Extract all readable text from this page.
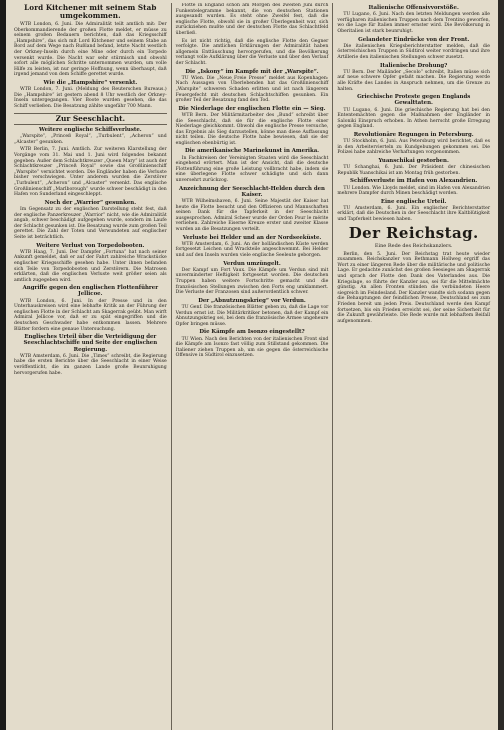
Lord Kitchener mit seinem Stab umgekommen.

WTB London, 6. Juni. Die Admiralität teilt amtlich mit: Der Oberkommandierende der großen Flotte meldet, er müsse zu seinem großen Bedauern berichten, daß das Kriegsschiff „Hampshire“, das sich mit Lord Kitchener und seinem Stabe an Bord auf dem Wege nach Rußland befand, letzte Nacht westlich der Orkney-Inseln durch eine Mine oder durch ein Torpedo versenkt wurde. Die Nacht war sehr stürmisch und obwohl sofort alle möglichen Schritte unternommen wurden, um volle Hilfe zu leisten, ist nur geringe Hoffnung, wenn überhaupt, daß irgend jemand von dem Schiffe gerettet wurde.

Wie die „Hampshire“ versenkt.

WTB London, 7. Juni. (Meldung des Reuterschen Bureaus.) Die „Hampshire“ ist gestern abend 8 Uhr westlich der Orkney-Inseln untergegangen. Vier Boote wurden gesehen, die das Schiff verließen. Die Besatzung zählte ungefähr 700 Mann.

Zur Seeschlacht.
Weitere englische Schiffsverluste.

„Warspite“, „Princeß Royal“, „Turbulent“, „Acheron“ und „Alcaster“ gesunken.

WTB Berlin, 7. Juni. Amtlich. Zur weiteren Klarstellung der Vorgänge vom 31. Mai und 1. Juni wird folgendes bekannt gegeben: Außer dem Schlachtkreuzer „Queen Mary“ ist auch der Schlachtkreuzer „Princeß Royal“ sowie das Großlinienschiff „Warspite“ vernichtet worden. Die Engländer haben die Verluste bisher verschwiegen. Unter anderem wurden die Zerstörer „Turbulent“, „Acheron“ und „Alcaster“ versenkt. Das englische Großlinienschiff „Marlborough“ wurde schwer beschädigt in den Hafen von Sunderland eingeschleppt.

Noch der „Warrior“ gesunken.

Im Gegensatz zu der englischen Darstellung steht fest, daß der englische Panzerkreuzer „Warrior“ nicht, wie die Admiralität angab, schwer beschädigt aufgegeben wurde, sondern im Laufe der Schlacht gesunken ist. Die Besatzung wurde zum großen Teil gerettet. Die Zahl der Toten und Verwundeten auf englischer Seite ist beträchtlich.

Weitere Verlust von Torpedobooten.

WTB Haag, 7. Juni. Der Dampfer „Fortuna“ hat nach seiner Ankunft gemeldet, daß er auf der Fahrt zahlreiche Wrackstücke englischer Kriegsschiffe gesehen habe. Unter ihnen befanden sich Teile von Torpedobooten und Zerstörern. Die Matrosen erklärten, daß die englischen Verluste weit größer seien als amtlich zugegeben wird.

Angriffe gegen den englischen Flottenführer Jellicoe.

WTB London, 6. Juni. In der Presse und in den Unterhauskreisen wird eine lebhafte Kritik an der Führung der englischen Flotte in der Schlacht am Skagerrak geübt. Man wirft Admiral Jellicoe vor, daß er zu spät eingegriffen und die deutschen Geschwader habe entkommen lassen. Mehrere Blätter fordern eine genaue Untersuchung.

Englisches Urteil über die Verteidigung der Seeschlachtschiffe und Seite der englischen Regierung.

WTB Amsterdam, 6. Juni. Die „Times“ schreibt, die Regierung habe die ersten Berichte über die Seeschlacht in einer Weise veröffentlicht, die im ganzen Lande große Beunruhigung hervorgerufen habe.

Flotte in England schon am Morgen des zweiten Juni durch Funkentelegramme bekannt, die von deutschen Stationen ausgesandt wurden. Es steht ohne Zweifel fest, daß die englische Flotte, obwohl sie in großer Überlegenheit war, sich zurückziehen mußte und der deutschen Flotte das Schlachtfeld überließ.

Es ist nicht richtig, daß die englische Flotte den Gegner verfolgte. Die amtlichen Erklärungen der Admiralität haben allgemein Enttäuschung hervorgerufen, und die Bevölkerung verlangt volle Aufklärung über die Verluste und über den Verlauf der Schlacht.

Die „Iskony“ im Kampfe mit der „Warspite“.

TU Wien. Die „Neue Freie Presse“ meldet aus Kopenhagen: Nach Aussagen von Überlebenden hat das Großlinienschiff „Warspite“ schweren Schaden erlitten und ist nach längerem Feuergefecht mit deutschen Schlachtschiffen gesunken. Ein großer Teil der Besatzung fand den Tod.

Die Niederlage der englischen Flotte ein — Sieg.

WTB Bern. Der Militärmitarbeiter des „Bund“ schreibt über die Seeschlacht, daß sie für die englische Flotte einer Niederlage gleichkommt. Obwohl die englische Presse versuche, das Ergebnis als Sieg darzustellen, könne man diese Auffassung nicht teilen. Die deutsche Flotte habe bewiesen, daß sie der englischen ebenbürtig ist.

Die amerikanische Marinekunst in Amerika.

In Fachkreisen der Vereinigten Staaten wird die Seeschlacht eingehend erörtert. Man ist der Ansicht, daß die deutsche Flottenführung eine große Leistung vollbracht habe, indem sie eine überlegene Flotte schwer schädigte und sich dann unversehrt zurückzog.

Anzeichnung der Seeschlacht-Helden durch den Kaiser.

WTB Wilhelmshaven, 6. Juni. Seine Majestät der Kaiser hat heute die Flotte besucht und den Offizieren und Mannschaften seinen Dank für die Tapferkeit in der Seeschlacht ausgesprochen. Admiral Scheer wurde der Orden Pour le mérite verliehen. Zahlreiche Eiserne Kreuze erster und zweiter Klasse wurden an die Besatzungen verteilt.

Verluste bei Helder und an der Nordseeküste.

WTB Amsterdam, 6. Juni. An der holländischen Küste werden fortgesetzt Leichen und Wrackteile angeschwemmt. Bei Helder und auf den Inseln wurden viele englische Seeleute geborgen.

Verdun umzüngelt.

Der Kampf um Fort Vaux. Die Kämpfe um Verdun sind mit unverminderter Heftigkeit fortgesetzt worden. Die deutschen Truppen haben weitere Fortschritte gemacht und die französischen Stellungen zwischen den Forts eng umklammert. Die Verluste der Franzosen sind außerordentlich schwer.

Der „Abnutzungskrieg“ vor Verdun.

TU Genf. Die französischen Blätter geben zu, daß die Lage vor Verdun ernst ist. Die Militärkritiker betonen, daß der Kampf ein Abnutzungskrieg sei, bei dem die französische Armee ungeheure Opfer bringen müsse.

Die Kämpfe am Isonzo eingestellt?

TU Wien. Nach den Berichten von der italienischen Front sind die Kämpfe am Isonzo fast völlig zum Stillstand gekommen. Die Italiener ziehen Truppen ab, um sie gegen die österreichische Offensive in Südtirol einzusetzen.

Italienische Offensivvorstöße.

TU Lugano, 6. Juni. Nach den letzten Meldungen werden alle verfügbaren italienischen Truppen nach dem Trentino geworfen, wo die Lage für Italien immer ernster wird. Die Bevölkerung in Oberitalien ist stark beunruhigt.

Gelandeter Eindrücke von der Front.

Die italienischen Kriegsberichterstatter melden, daß die österreichischen Truppen in Südtirol weiter vordringen und ihre Artillerie den italienischen Stellungen schwer zusetzt.

Italienische Drohung?

TU Bern. Der Mailänder „Secolo“ schreibt, Italien müsse sich auf neue schwere Opfer gefaßt machen. Die Regierung werde alle Kräfte des Landes in Anspruch nehmen, um die Grenze zu halten.

Griechische Proteste gegen Englands Gewalttaten.

TU Lugano, 6. Juni. Die griechische Regierung hat bei den Ententemächten gegen die Maßnahmen der Engländer in Saloniki Einspruch erhoben. In Athen herrscht große Erregung gegen England.

Revolutionäre Regungen in Petersburg.

TU Stockholm, 6. Juni. Aus Petersburg wird berichtet, daß es in den Arbeitervierteln zu Kundgebungen gekommen sei. Die Polizei habe zahlreiche Verhaftungen vorgenommen.

Yuanschikai gestorben.

TU Schanghai, 6. Juni. Der Präsident der chinesischen Republik Yuanschikai ist am Montag früh gestorben.

Schiffsverluste im Hafen von Alexandrien.

TU London. Wie Lloyds meldet, sind im Hafen von Alexandrien mehrere Dampfer durch Minen beschädigt worden.

Eine englische Urteil.

TU Amsterdam, 6. Juni. Ein englischer Berichterstatter erklärt, daß die Deutschen in der Seeschlacht ihre Kaltblütigkeit und Tapferkeit bewiesen haben.

Der Reichstag.
Eine Rede des Reichskanzlers.

Berlin, den 5. Juni. Der Reichstag trat heute wieder zusammen. Reichskanzler von Bethmann Hollweg ergriff das Wort zu einer längeren Rede über die militärische und politische Lage. Er gedachte zunächst des großen Seesieges am Skagerrak und sprach der Flotte den Dank des Vaterlandes aus. Die Kriegslage, so führte der Kanzler aus, sei für die Mittelmächte günstig. An allen Fronten stünden die verbündeten Heere siegreich im Feindesland. Der Kanzler wandte sich sodann gegen die Behauptungen der feindlichen Presse, Deutschland sei zum Frieden bereit um jeden Preis. Deutschland werde den Kampf fortsetzen, bis ein Frieden erreicht sei, der seine Sicherheit für die Zukunft gewährleiste. Die Rede wurde mit lebhaftem Beifall aufgenommen.
